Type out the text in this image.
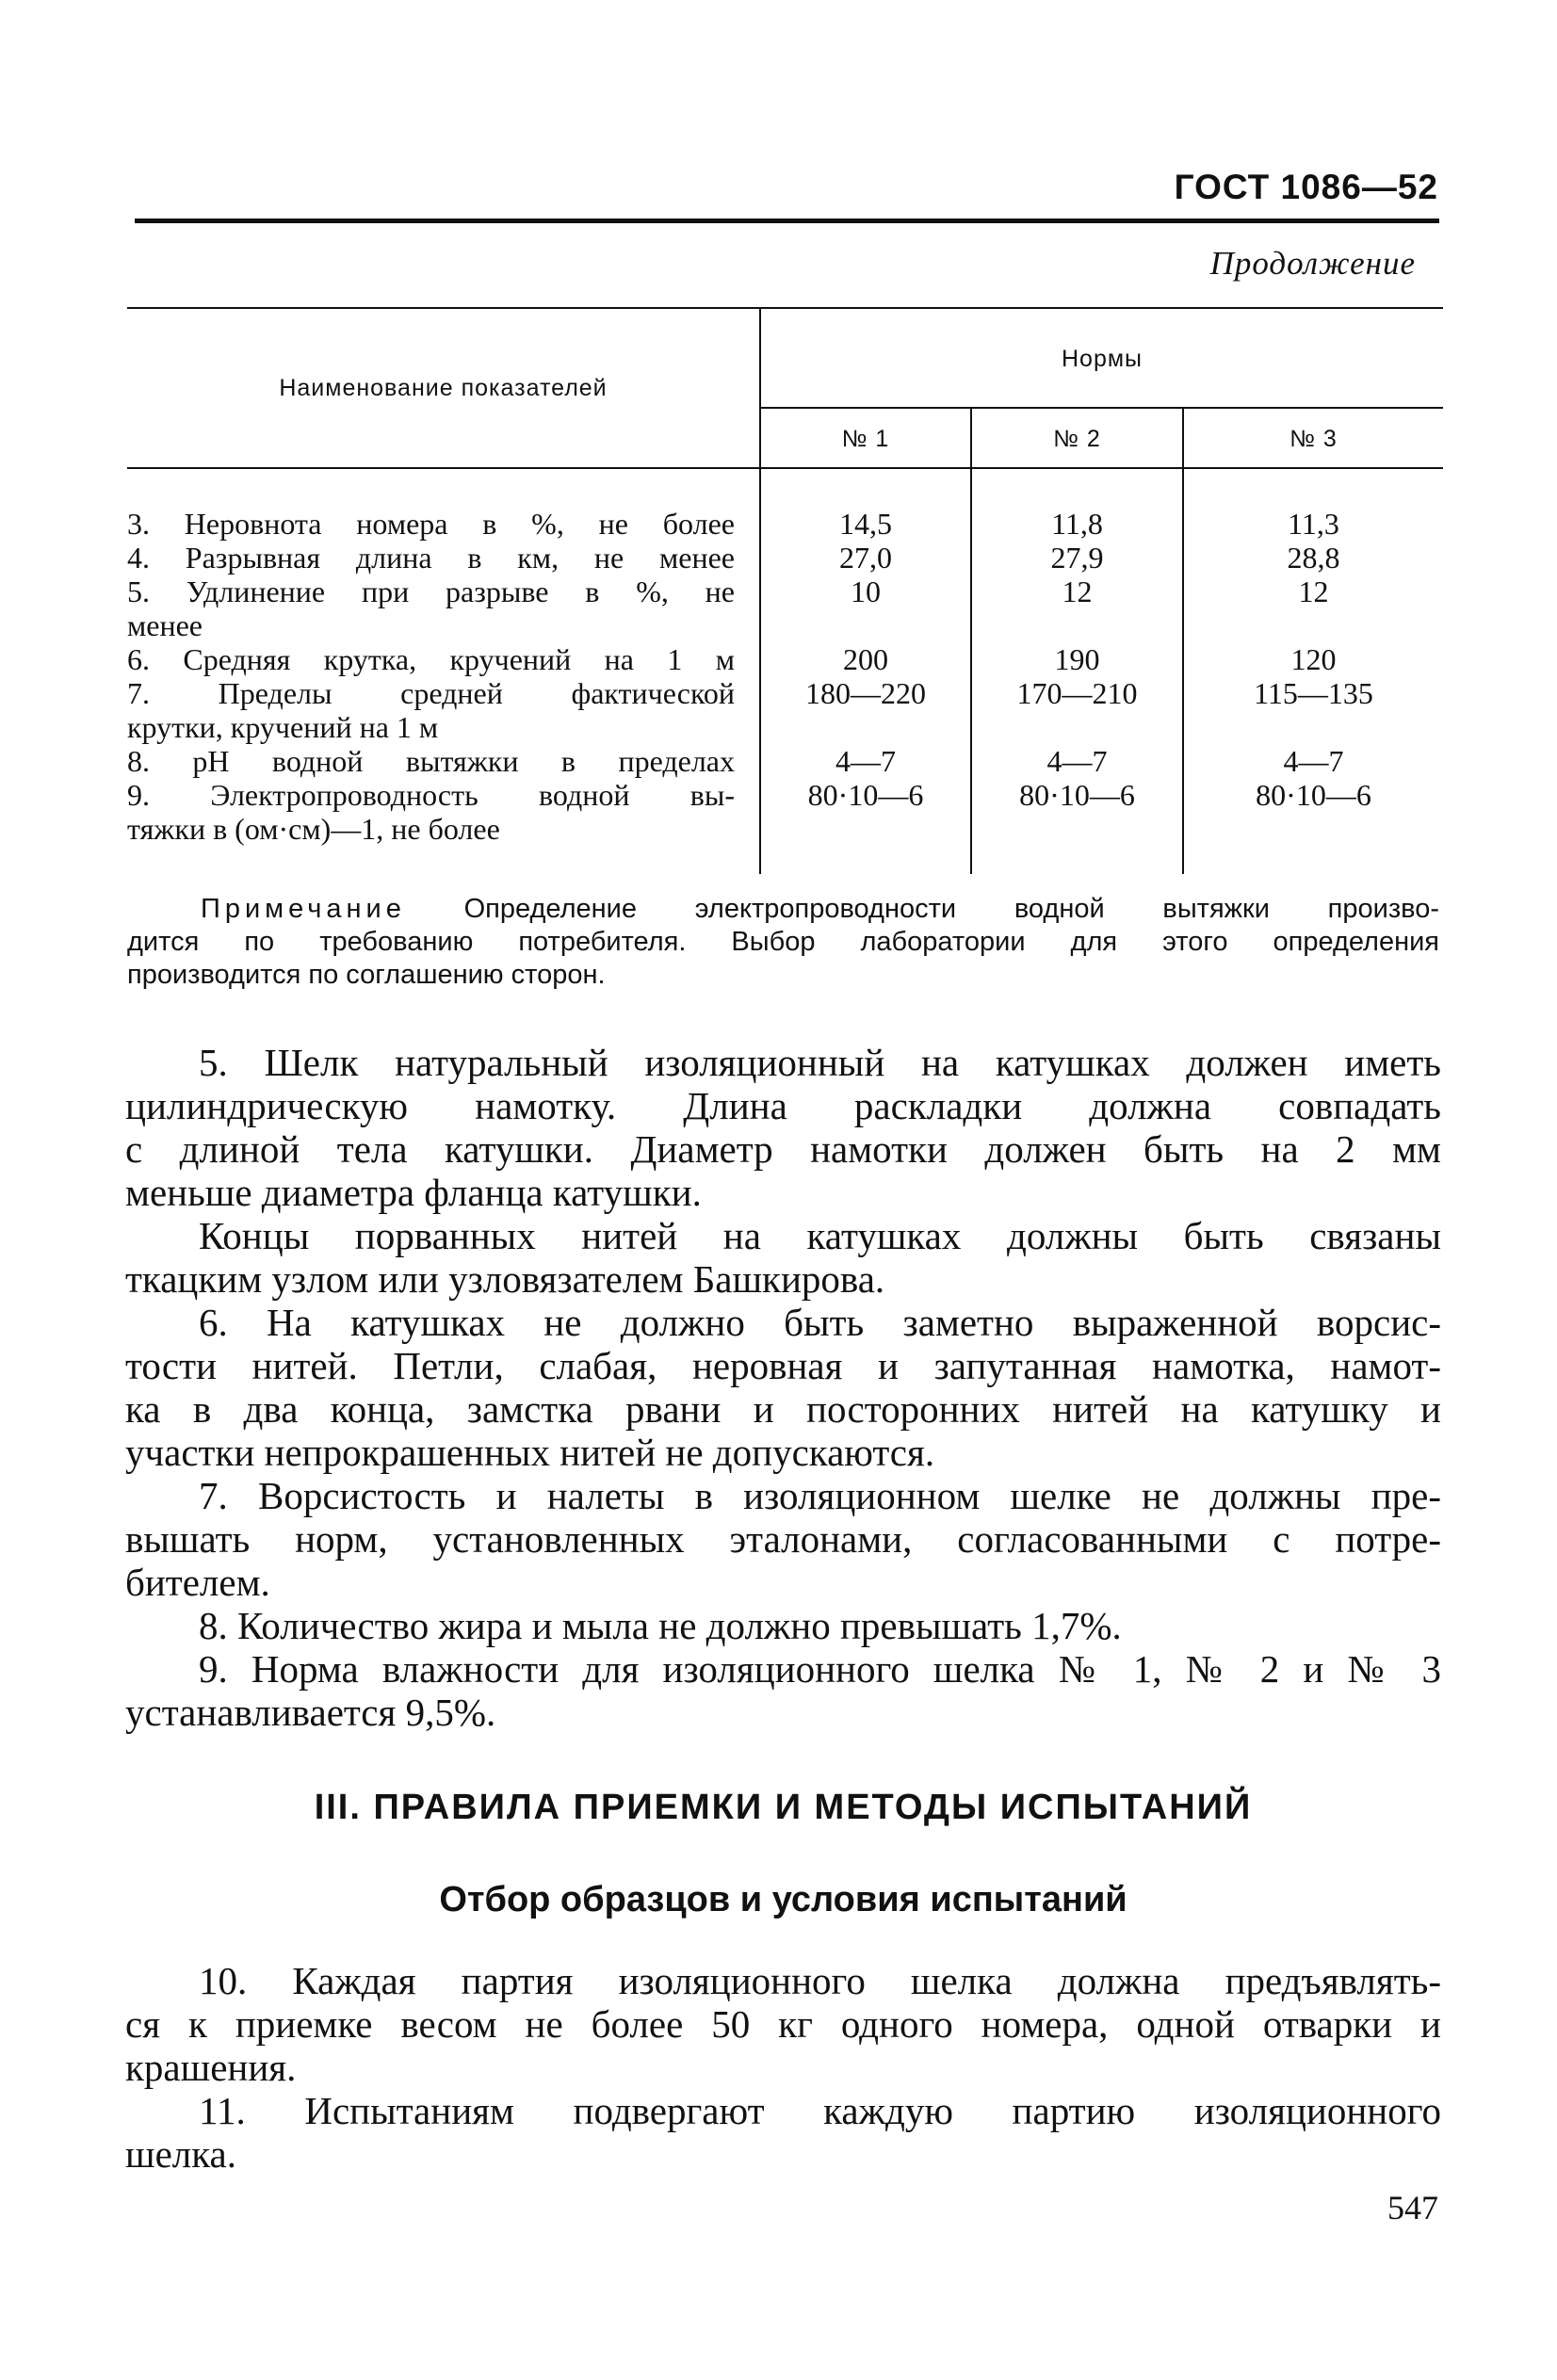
ГОСТ 1086—52
Продолжение
Наименование показателей
Нормы
№ 1	№ 2	№ 3
3. Неровнота номера в %, не более
4. Разрывная длина в км, не менее
5. Удлинение при разрыве в %, не
менее
6. Средняя крутка, кручений на 1 м
7. Пределы средней фактической
крутки, кручений на 1 м
8. pH водной вытяжки в пределах
9. Электропроводность водной вы-
тяжки в (ом·см)—1, не более
14,5
27,0
10

200
180—220

4—7
80·10—6
11,8
27,9
12

190
170—210

4—7
80·10—6
11,3
28,8
12

120
115—135

4—7
80·10—6
Примечание Определение электропроводности водной вытяжки произво-
дится по требованию потребителя. Выбор лаборатории для этого определения
производится по соглашению сторон.
5. Шелк натуральный изоляционный на катушках должен иметь
цилиндрическую намотку. Длина раскладки должна совпадать
с длиной тела катушки. Диаметр намотки должен быть на 2 мм
меньше диаметра фланца катушки.
Концы порванных нитей на катушках должны быть связаны
ткацким узлом или узловязателем Башкирова.
6. На катушках не должно быть заметно выраженной ворсис-
тости нитей. Петли, слабая, неровная и запутанная намотка, намот-
ка в два конца, замстка рвани и посторонних нитей на катушку и
участки непрокрашенных нитей не допускаются.
7. Ворсистость и налеты в изоляционном шелке не должны пре-
вышать норм, установленных эталонами, согласованными с потре-
бителем.
8. Количество жира и мыла не должно превышать 1,7%.
9. Норма влажности для изоляционного шелка № 1, № 2 и № 3
устанавливается 9,5%.
III. ПРАВИЛА ПРИЕМКИ И МЕТОДЫ ИСПЫТАНИЙ
Отбор образцов и условия испытаний
10. Каждая партия изоляционного шелка должна предъявлять-
ся к приемке весом не более 50 кг одного номера, одной отварки и
крашения.
11. Испытаниям подвергают каждую партию изоляционного
шелка.
547
